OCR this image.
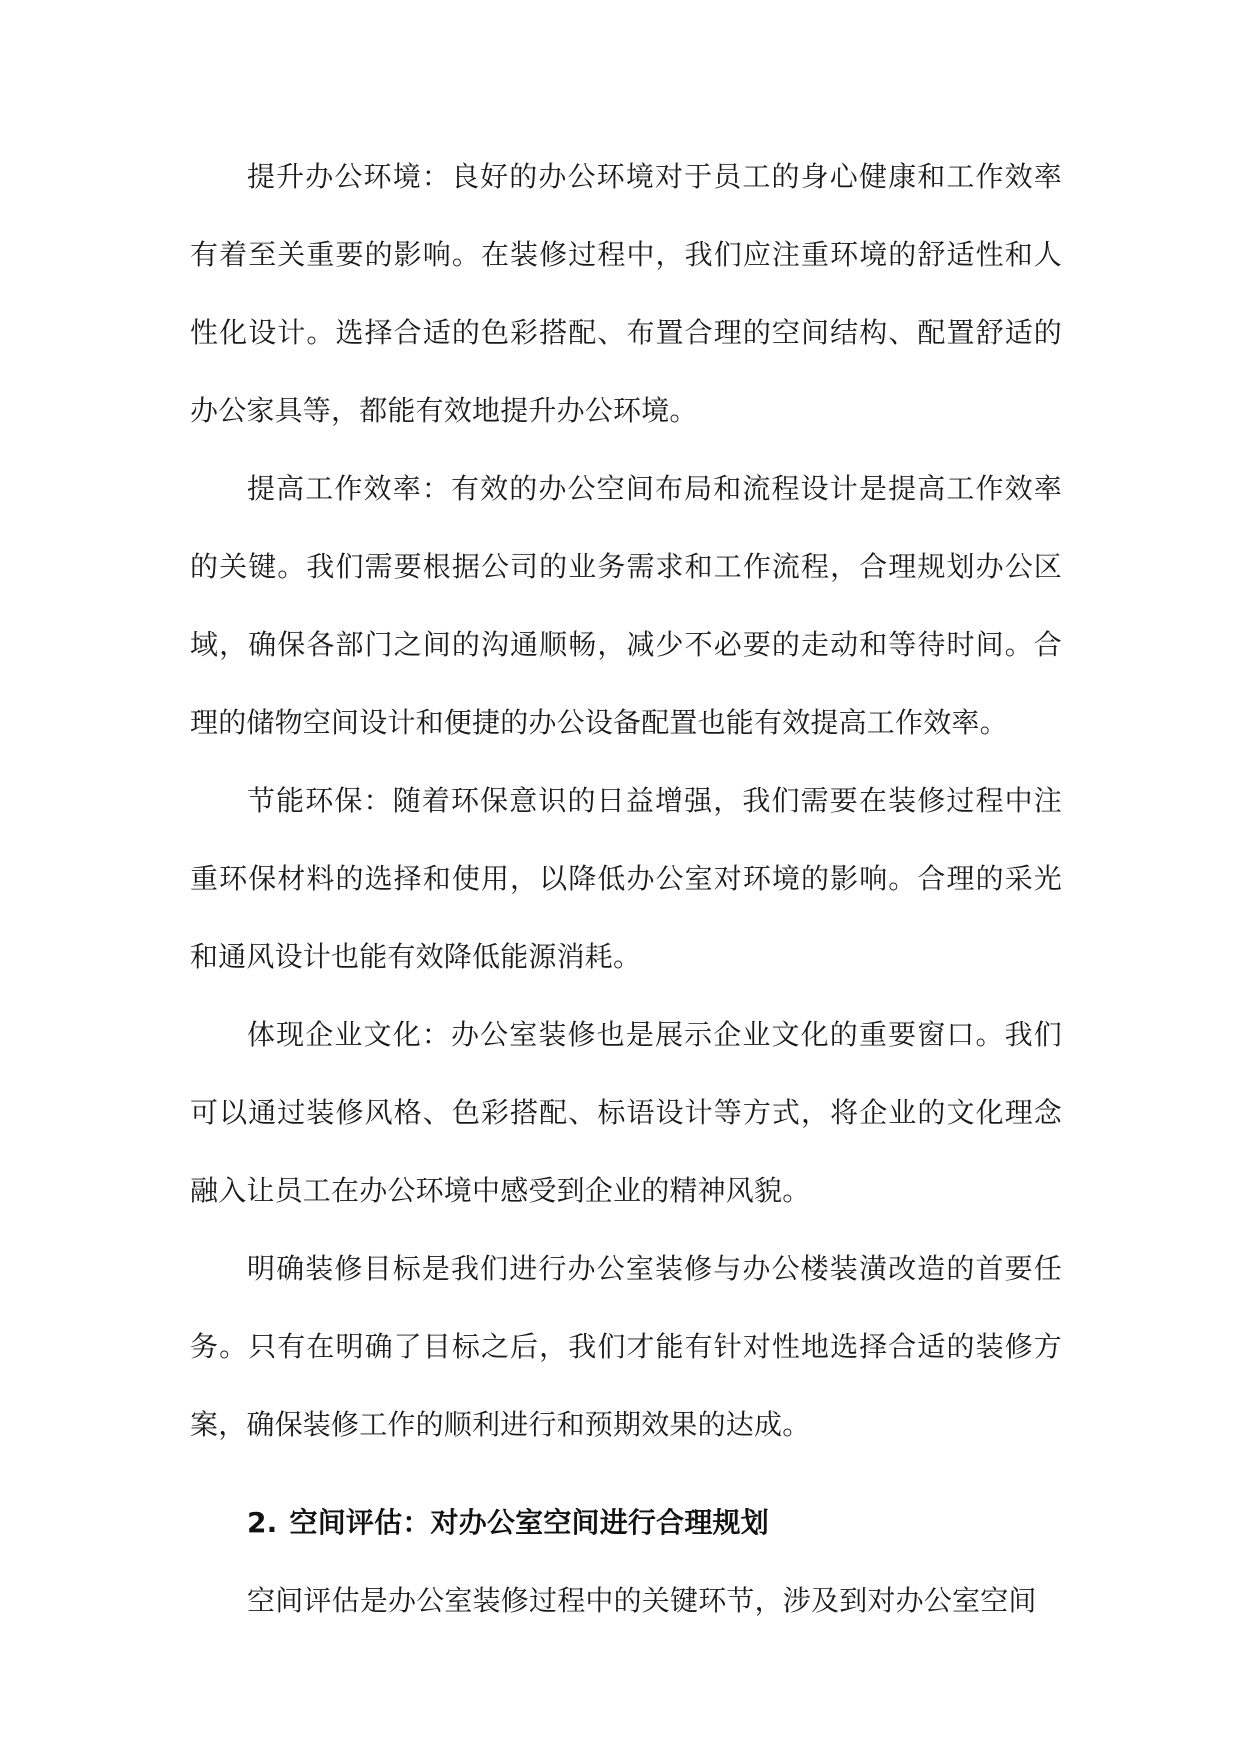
提升办公环境：良好的办公环境对于员工的身心健康和工作效率有着至关重要的影响。在装修过程中，我们应注重环境的舒适性和人性化设计。选择合适的色彩搭配、布置合理的空间结构、配置舒适的办公家具等，都能有效地提升办公环境。

提高工作效率：有效的办公空间布局和流程设计是提高工作效率的关键。我们需要根据公司的业务需求和工作流程，合理规划办公区域，确保各部门之间的沟通顺畅，减少不必要的走动和等待时间。合理的储物空间设计和便捷的办公设备配置也能有效提高工作效率。

节能环保：随着环保意识的日益增强，我们需要在装修过程中注重环保材料的选择和使用，以降低办公室对环境的影响。合理的采光和通风设计也能有效降低能源消耗。

体现企业文化：办公室装修也是展示企业文化的重要窗口。我们可以通过装修风格、色彩搭配、标语设计等方式，将企业的文化理念融入让员工在办公环境中感受到企业的精神风貌。

明确装修目标是我们进行办公室装修与办公楼装潢改造的首要任务。只有在明确了目标之后，我们才能有针对性地选择合适的装修方案，确保装修工作的顺利进行和预期效果的达成。

2. 空间评估：对办公室空间进行合理规划

空间评估是办公室装修过程中的关键环节，涉及到对办公室空间
